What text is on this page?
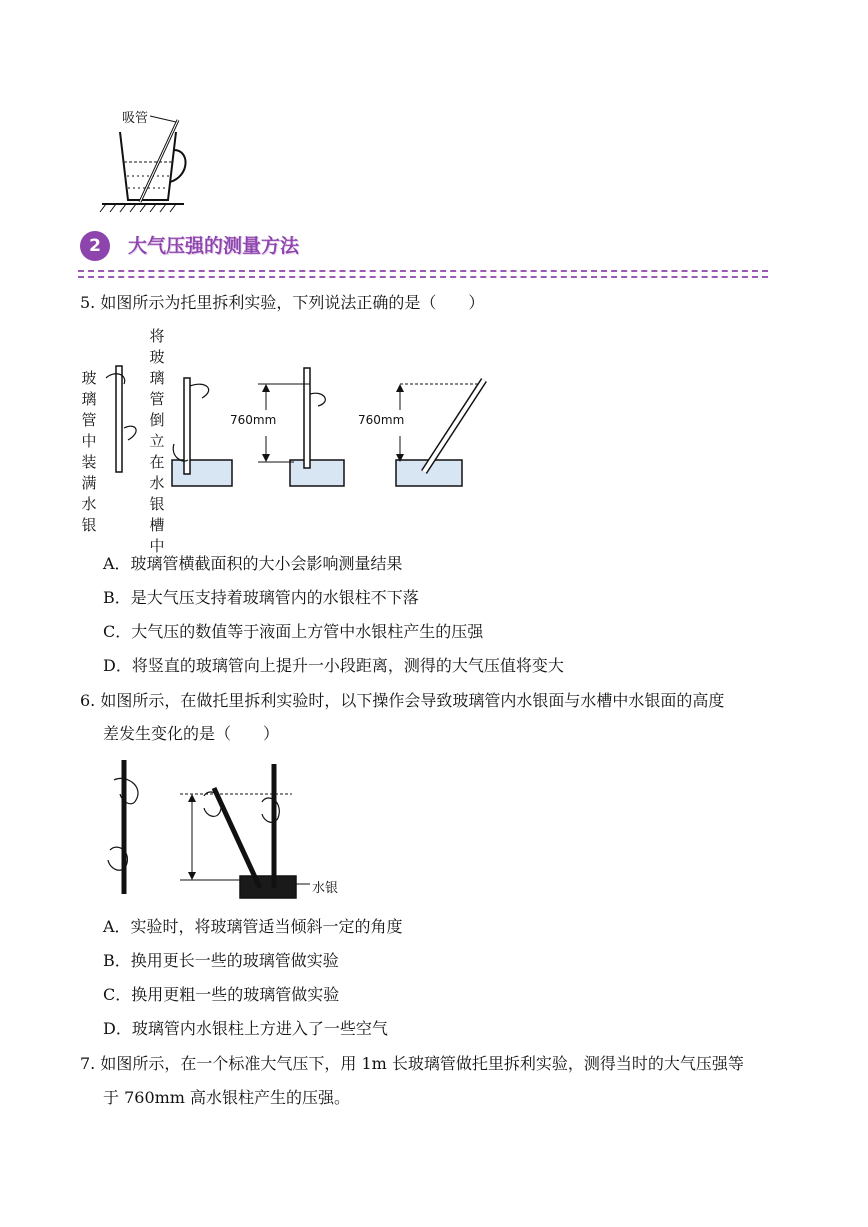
吸管
2	大气压强的测量方法
5. 如图所示为托里拆利实验，下列说法正确的是（　　）
玻璃管中装满水银
将玻璃管倒立在水银槽中
760mm	760mm
A．玻璃管横截面积的大小会影响测量结果
B．是大气压支持着玻璃管内的水银柱不下落
C．大气压的数值等于液面上方管中水银柱产生的压强
D．将竖直的玻璃管向上提升一小段距离，测得的大气压值将变大
6. 如图所示，在做托里拆利实验时，以下操作会导致玻璃管内水银面与水槽中水银面的高度
差发生变化的是（　　）
水银
A．实验时，将玻璃管适当倾斜一定的角度
B．换用更长一些的玻璃管做实验
C．换用更粗一些的玻璃管做实验
D．玻璃管内水银柱上方进入了一些空气
7. 如图所示，在一个标准大气压下，用 1m 长玻璃管做托里拆利实验，测得当时的大气压强等
于 760mm 高水银柱产生的压强。
